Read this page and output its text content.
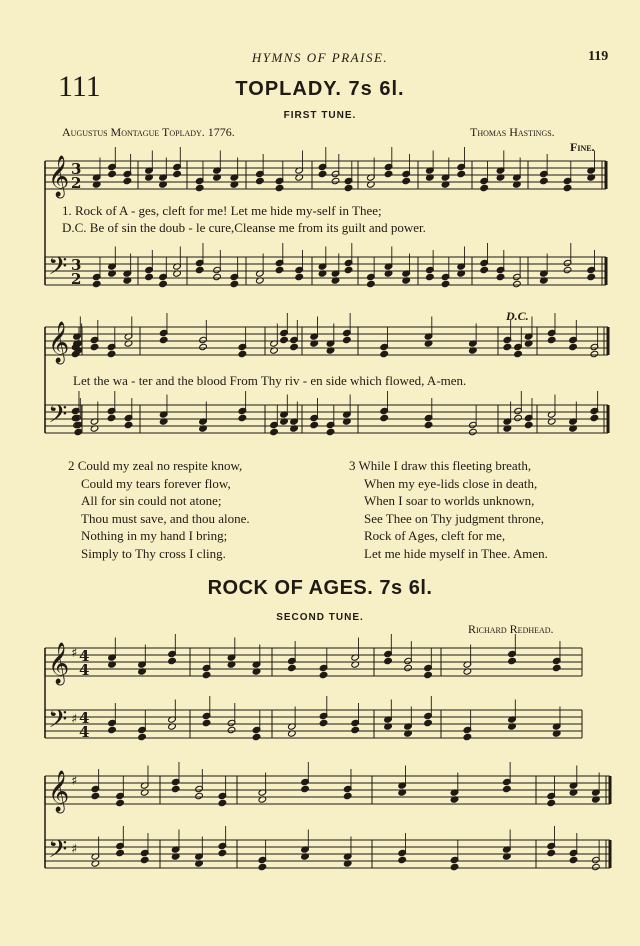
HYMNS OF PRAISE.	119
111	TOPLADY. 7s 6l.
FIRST TUNE.
Augustus Montague Toplady. 1776.	Thomas Hastings.
Fine.
D.C.
1. Rock of A - ges, cleft for me! Let me hide my-self in Thee;
D.C. Be of sin the doub - le cure,Cleanse me from its guilt and power.
Let the wa - ter and the blood From Thy riv - en side which flowed, A-men.
2 Could my zeal no respite know,
Could my tears forever flow,
All for sin could not atone;
Thou must save, and thou alone.
Nothing in my hand I bring;
Simply to Thy cross I cling.
3 While I draw this fleeting breath,
When my eye-lids close in death,
When I soar to worlds unknown,
See Thee on Thy judgment throne,
Rock of Ages, cleft for me,
Let me hide myself in Thee. Amen.
ROCK OF AGES. 7s 6l.
SECOND TUNE.
Richard Redhead.
𝄞
𝄢
3
2
3
2
𝄞
𝄢
𝄞
𝄢
♯
♯
4
4
4
4
𝄞
𝄢
♯
♯
